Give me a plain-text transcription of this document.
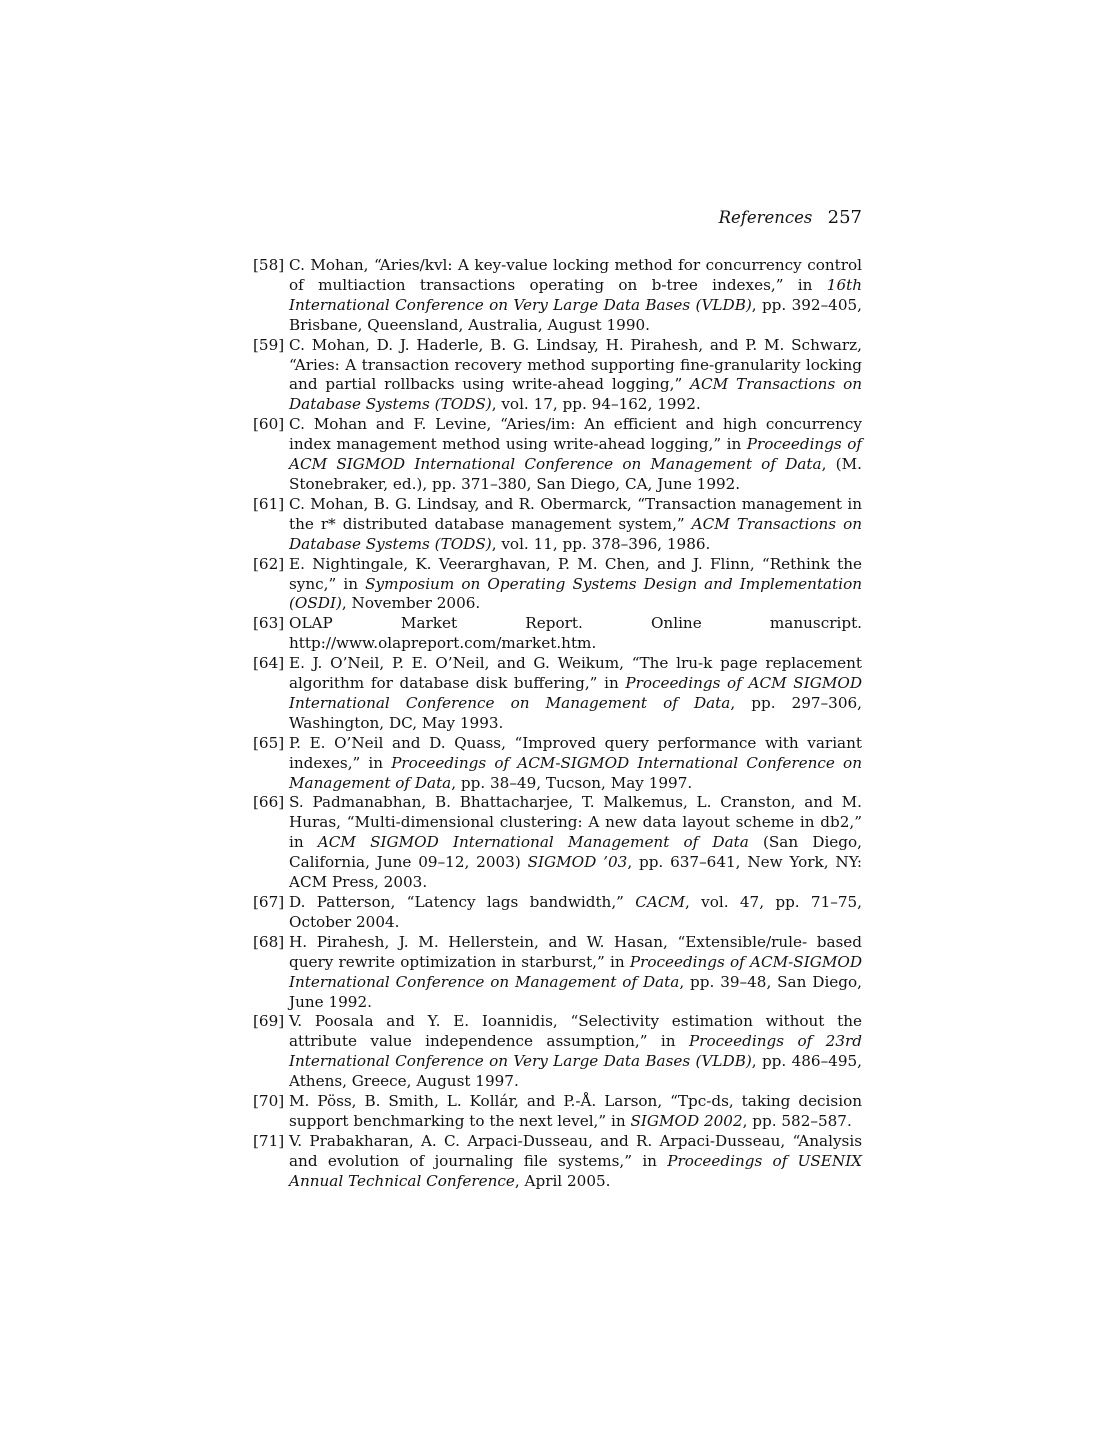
References 257
[58] C. Mohan, “Aries/kvl: A key-value locking method for concurrency control of multiaction transactions operating on b-tree indexes,” in 16th International Conference on Very Large Data Bases (VLDB), pp. 392–405, Brisbane, Queensland, Australia, August 1990.
[59] C. Mohan, D. J. Haderle, B. G. Lindsay, H. Pirahesh, and P. M. Schwarz, “Aries: A transaction recovery method supporting fine-granularity locking and partial rollbacks using write-ahead logging,” ACM Transactions on Database Systems (TODS), vol. 17, pp. 94–162, 1992.
[60] C. Mohan and F. Levine, “Aries/im: An efficient and high concurrency index management method using write-ahead logging,” in Proceedings of ACM SIGMOD International Conference on Management of Data, (M. Stonebraker, ed.), pp. 371–380, San Diego, CA, June 1992.
[61] C. Mohan, B. G. Lindsay, and R. Obermarck, “Transaction management in the r* distributed database management system,” ACM Transactions on Database Systems (TODS), vol. 11, pp. 378–396, 1986.
[62] E. Nightingale, K. Veerarghavan, P. M. Chen, and J. Flinn, “Rethink the sync,” in Symposium on Operating Systems Design and Implementation (OSDI), November 2006.
[63] OLAP Market Report. Online manuscript. http://www.olapreport.com/market.htm.
[64] E. J. O’Neil, P. E. O’Neil, and G. Weikum, “The lru-k page replacement algorithm for database disk buffering,” in Proceedings of ACM SIGMOD International Conference on Management of Data, pp. 297–306, Washington, DC, May 1993.
[65] P. E. O’Neil and D. Quass, “Improved query performance with variant indexes,” in Proceedings of ACM-SIGMOD International Conference on Management of Data, pp. 38–49, Tucson, May 1997.
[66] S. Padmanabhan, B. Bhattacharjee, T. Malkemus, L. Cranston, and M. Huras, “Multi-dimensional clustering: A new data layout scheme in db2,” in ACM SIGMOD International Management of Data (San Diego, California, June 09–12, 2003) SIGMOD ’03, pp. 637–641, New York, NY: ACM Press, 2003.
[67] D. Patterson, “Latency lags bandwidth,” CACM, vol. 47, pp. 71–75, October 2004.
[68] H. Pirahesh, J. M. Hellerstein, and W. Hasan, “Extensible/rule- based query rewrite optimization in starburst,” in Proceedings of ACM-SIGMOD International Conference on Management of Data, pp. 39–48, San Diego, June 1992.
[69] V. Poosala and Y. E. Ioannidis, “Selectivity estimation without the attribute value independence assumption,” in Proceedings of 23rd International Conference on Very Large Data Bases (VLDB), pp. 486–495, Athens, Greece, August 1997.
[70] M. Pöss, B. Smith, L. Kollár, and P.-Å. Larson, “Tpc-ds, taking decision support benchmarking to the next level,” in SIGMOD 2002, pp. 582–587.
[71] V. Prabakharan, A. C. Arpaci-Dusseau, and R. Arpaci-Dusseau, “Analysis and evolution of journaling file systems,” in Proceedings of USENIX Annual Technical Conference, April 2005.
